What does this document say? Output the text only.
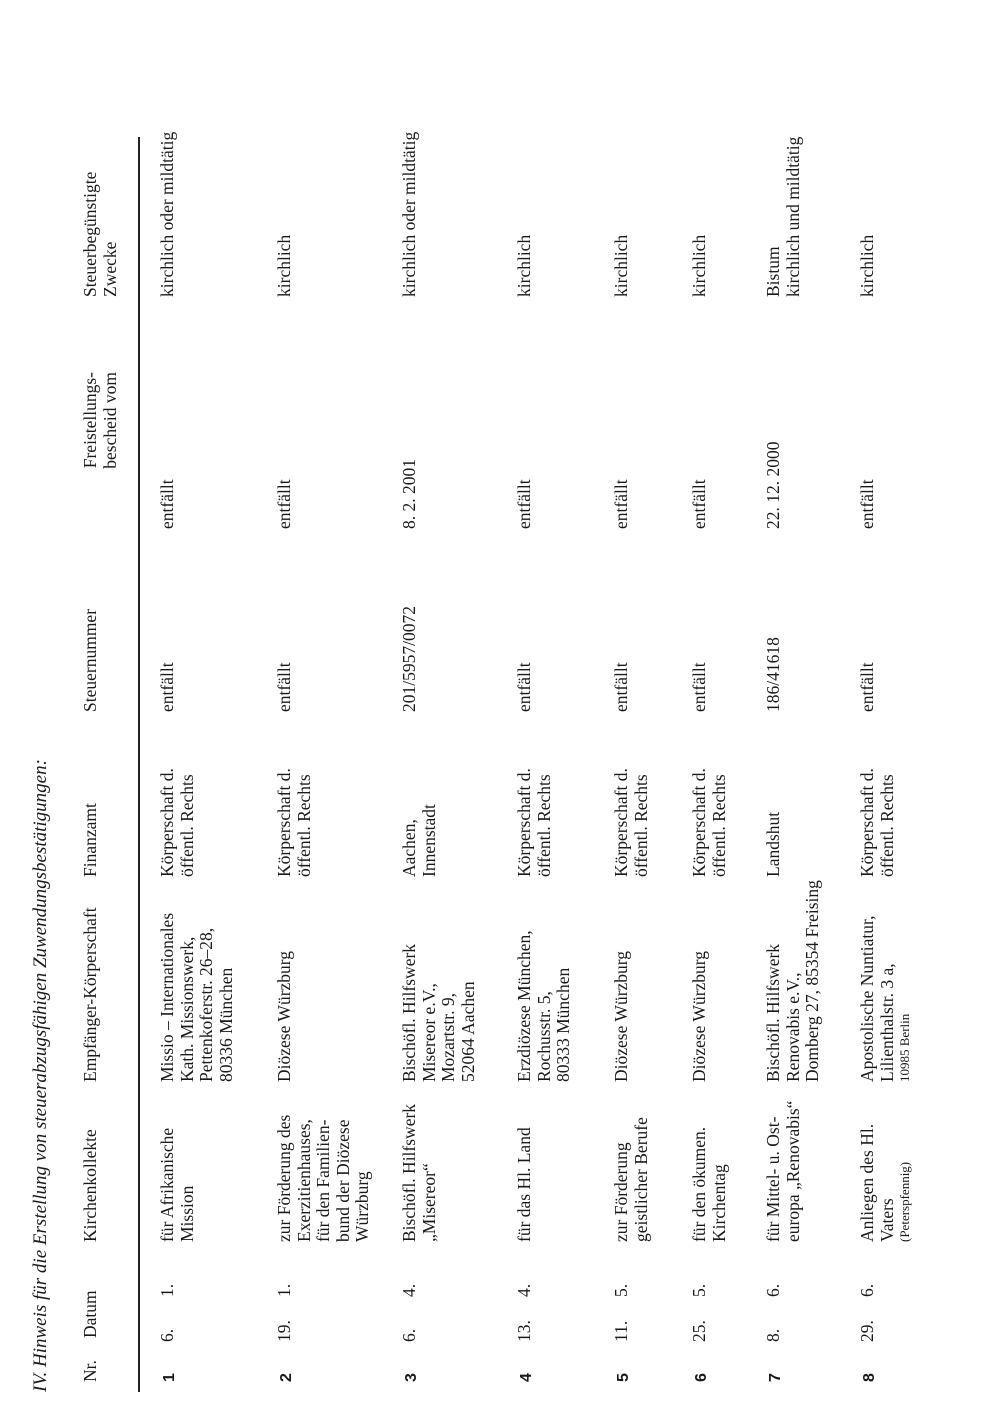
IV. Hinweis für die Erstellung von steuerabzugsfähigen Zuwendungsbestätigungen: Nr.
Datum
Kirchenkollekte
Empfänger-Körperschaft
Finanzamt
Steuernummer
Freistellungs-
bescheid vom
Steuerbegünstigte
Zwecke
1
6.
1.
für Afrikanische
Mission
Missio – Internationales
Kath. Missionswerk,
Pettenkoferstr. 26–28,
80336 München
Körperschaft d.
öffentl. Rechts
entfällt
entfällt
kirchlich oder mildtätig
2
19.
1.
zur Förderung des
Exerzitienhauses,
für den Familien-
bund der Diözese
Würzburg
Diözese Würzburg
Körperschaft d.
öffentl. Rechts
entfällt
entfällt
kirchlich
3
6.
4.
Bischöfl. Hilfswerk
„Misereor“
Bischöfl. Hilfswerk
Misereor e.V.,
Mozartstr. 9,
52064 Aachen
Aachen,
Innenstadt
201/5957/0072
8. 2. 2001
kirchlich oder mildtätig
4
13.
4.
für das Hl. Land
Erzdiözese München,
Rochusstr. 5,
80333 München
Körperschaft d.
öffentl. Rechts
entfällt
entfällt
kirchlich
5
11.
5.
zur Förderung
geistlicher Berufe
Diözese Würzburg
Körperschaft d.
öffentl. Rechts
entfällt
entfällt
kirchlich
6
25.
5.
für den ökumen.
Kirchentag
Diözese Würzburg
Körperschaft d.
öffentl. Rechts
entfällt
entfällt
kirchlich
7
8.
6.
für Mittel- u. Ost-
europa „Renovabis“
Bischöfl. Hilfswerk
Renovabis e.V.,
Domberg 27, 85354 Freising
Landshut
186/41618
22. 12. 2000
Bistum
kirchlich und mildtätig
8
29.
6.
Anliegen des Hl.
Vaters
Apostolische Nuntiatur,
Lilienthalstr. 3 a,
Körperschaft d.
öffentl. Rechts
entfällt
entfällt
kirchlich
(Peterspfennig)
10985 Berlin
